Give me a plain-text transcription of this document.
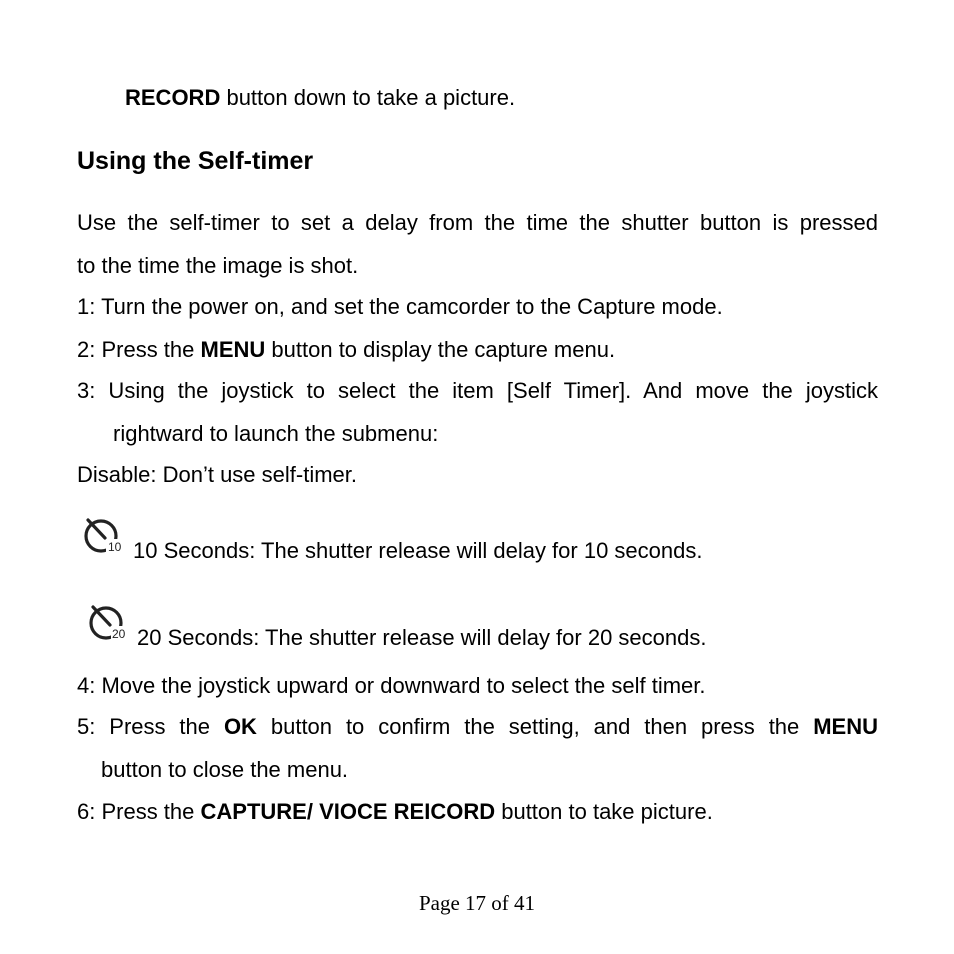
RECORD button down to take a picture.
Using the Self-timer
Use the self-timer to set a delay from the time the shutter button is pressed
to the time the image is shot.
1: Turn the power on, and set the camcorder to the Capture mode.
2: Press the MENU button to display the capture menu.
3: Using the joystick to select the item [Self Timer]. And move the joystick
rightward to launch the submenu:
Disable: Don’t use self-timer.
10 10 Seconds: The shutter release will delay for 10 seconds.
20 20 Seconds: The shutter release will delay for 20 seconds.
4: Move the joystick upward or downward to select the self timer.
5: Press the OK button to confirm the setting, and then press the MENU
button to close the menu.
6: Press the CAPTURE/ VIOCE REICORD button to take picture.
Page 17 of 41
